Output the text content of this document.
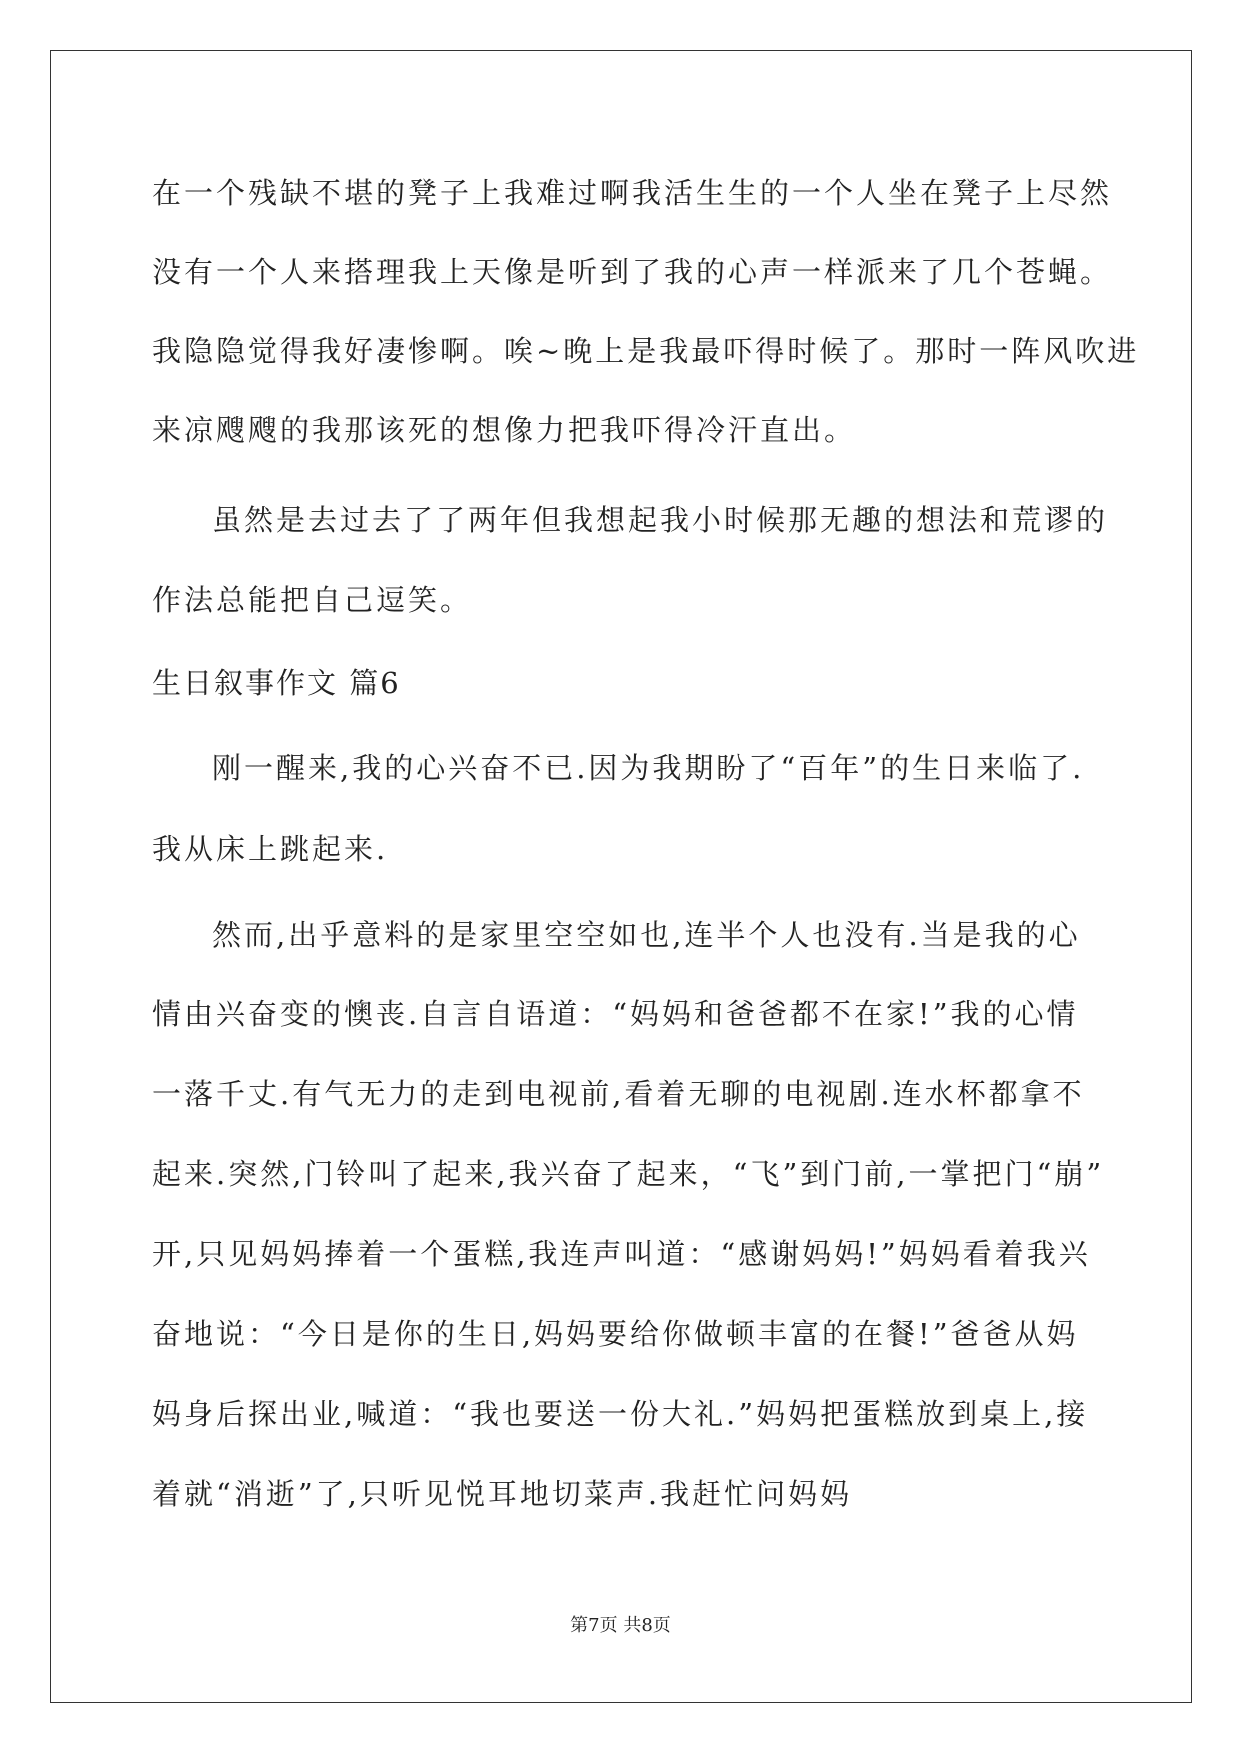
在一个残缺不堪的凳子上我难过啊我活生生的一个人坐在凳子上尽然
没有一个人来搭理我上天像是听到了我的心声一样派来了几个苍蝇。
我隐隐觉得我好凄惨啊。唉~晚上是我最吓得时候了。那时一阵风吹进
来凉飕飕的我那该死的想像力把我吓得冷汗直出。
虽然是去过去了了两年但我想起我小时候那无趣的想法和荒谬的
作法总能把自己逗笑。
生日叙事作文 篇6
刚一醒来,我的心兴奋不已.因为我期盼了“百年”的生日来临了.
我从床上跳起来.
然而,出乎意料的是家里空空如也,连半个人也没有.当是我的心
情由兴奋变的懊丧.自言自语道：“妈妈和爸爸都不在家!”我的心情
一落千丈.有气无力的走到电视前,看着无聊的电视剧.连水杯都拿不
起来.突然,门铃叫了起来,我兴奋了起来，“飞”到门前,一掌把门“崩”
开,只见妈妈捧着一个蛋糕,我连声叫道：“感谢妈妈!”妈妈看着我兴
奋地说：“今日是你的生日,妈妈要给你做顿丰富的在餐!”爸爸从妈
妈身后探出业,喊道：“我也要送一份大礼.”妈妈把蛋糕放到桌上,接
着就“消逝”了,只听见悦耳地切菜声.我赶忙问妈妈
第7页 共8页
